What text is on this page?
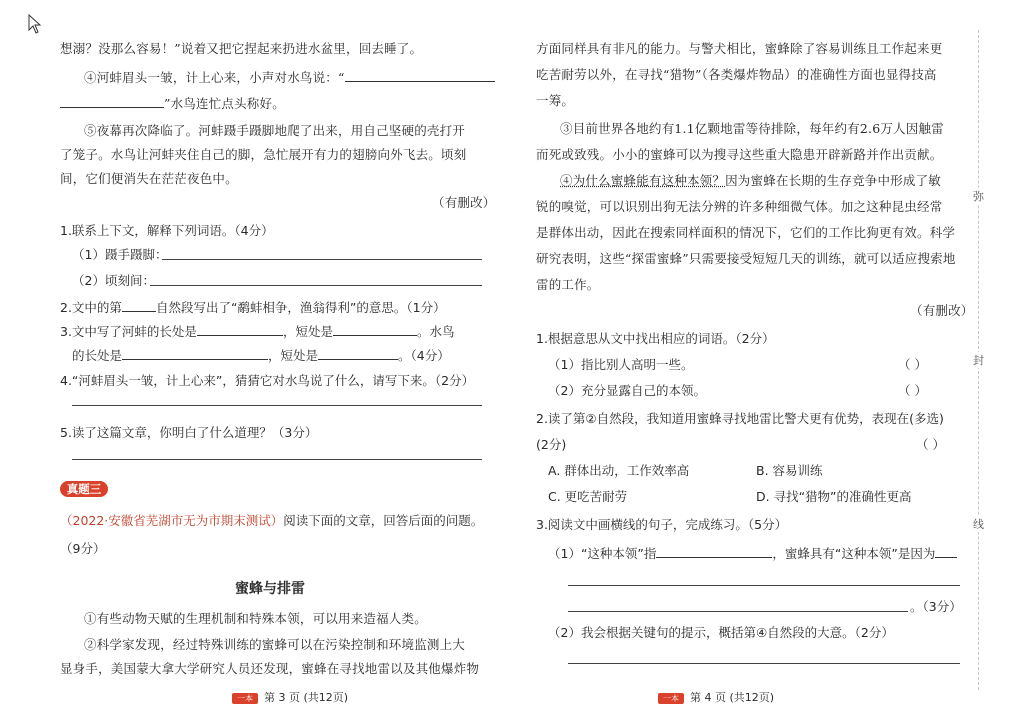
想溺？没那么容易！”说着又把它捏起来扔进水盆里，回去睡了。
④河蚌眉头一皱，计上心来，小声对水鸟说：“
”水鸟连忙点头称好。
⑤夜幕再次降临了。河蚌蹑手蹑脚地爬了出来，用自己坚硬的壳打开
了笼子。水鸟让河蚌夹住自己的脚，急忙展开有力的翅膀向外飞去。顷刻
间，它们便消失在茫茫夜色中。
（有删改）
1.联系上下文，解释下列词语。（4分）
（1）蹑手蹑脚：
（2）顷刻间：
2.文中的第	自然段写出了“鹬蚌相争，渔翁得利”的意思。（1分）
3.文中写了河蚌的长处是	，短处是	。水鸟
的长处是	，短处是	。（4分）
4.“河蚌眉头一皱，计上心来”，猜猜它对水鸟说了什么，请写下来。（2分）
5.读了这篇文章，你明白了什么道理？（3分）
真题三
（2022·安徽省芜湖市无为市期末测试）阅读下面的文章，回答后面的问题。
（9分）
蜜蜂与排雷
①有些动物天赋的生理机制和特殊本领，可以用来造福人类。
②科学家发现，经过特殊训练的蜜蜂可以在污染控制和环境监测上大
显身手，美国蒙大拿大学研究人员还发现，蜜蜂在寻找地雷以及其他爆炸物
一本 第 3 页 (共12页)
方面同样具有非凡的能力。与警犬相比，蜜蜂除了容易训练且工作起来更
吃苦耐劳以外，在寻找“猎物”（各类爆炸物品）的准确性方面也显得技高
一筹。
③目前世界各地约有1.1亿颗地雷等待排除，每年约有2.6万人因触雷
而死或致残。小小的蜜蜂可以为搜寻这些重大隐患开辟新路并作出贡献。
④为什么蜜蜂能有这种本领？因为蜜蜂在长期的生存竞争中形成了敏
锐的嗅觉，可以识别出狗无法分辨的许多种细微气体。加之这种昆虫经常
是群体出动，因此在搜索同样面积的情况下，它们的工作比狗更有效。科学
研究表明，这些“探雷蜜蜂”只需要接受短短几天的训练，就可以适应搜索地
雷的工作。
（有删改）
1.根据意思从文中找出相应的词语。（2分）
（1）指比别人高明一些。	（ ）
（2）充分显露自己的本领。	（ ）
2.读了第②自然段，我知道用蜜蜂寻找地雷比警犬更有优势，表现在(多选)
(2分)	（ ）
A. 群体出动，工作效率高	B. 容易训练
C. 更吃苦耐劳	D. 寻找“猎物”的准确性更高
3.阅读文中画横线的句子，完成练习。（5分）
（1）“这种本领”指	，蜜蜂具有“这种本领”是因为
。（3分）
（2）我会根据关键句的提示，概括第④自然段的大意。（2分）
一本 第 4 页 (共12页)
弥
封
线
